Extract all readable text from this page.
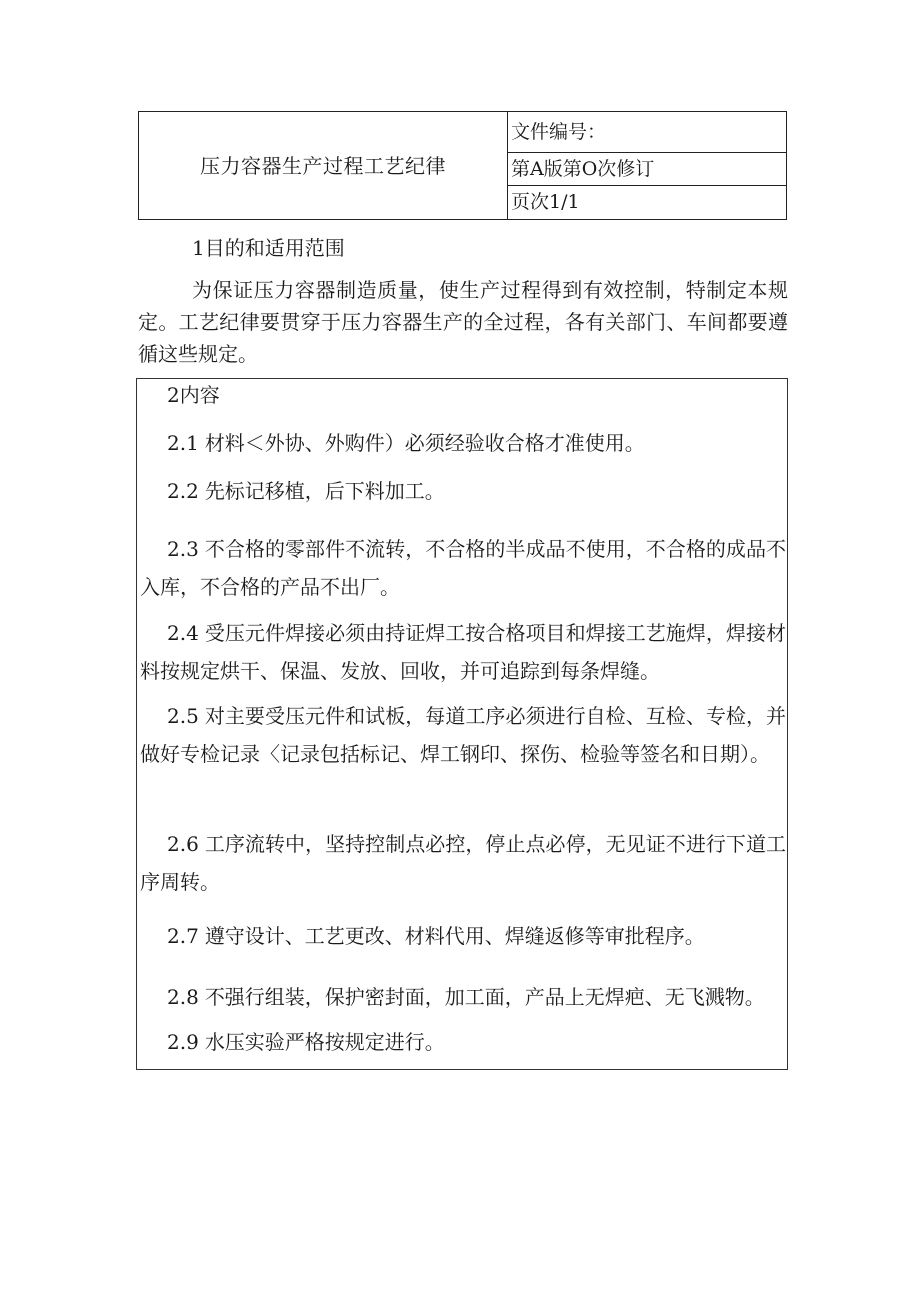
压力容器生产过程工艺纪律	文件编号：
第A版第O次修订
页次1/1
1目的和适用范围

为保证压力容器制造质量，使生产过程得到有效控制，特制定本规定。工艺纪律要贯穿于压力容器生产的全过程，各有关部门、车间都要遵循这些规定。

2内容

2.1 材料＜外协、外购件）必须经验收合格才准使用。

2.2 先标记移植，后下料加工。

2.3 不合格的零部件不流转，不合格的半成品不使用，不合格的成品不入库，不合格的产品不出厂。

2.4 受压元件焊接必须由持证焊工按合格项目和焊接工艺施焊，焊接材料按规定烘干、保温、发放、回收，并可追踪到每条焊缝。

2.5 对主要受压元件和试板，每道工序必须进行自检、互检、专检，并做好专检记录〈记录包括标记、焊工钢印、探伤、检验等签名和日期）。

2.6 工序流转中，坚持控制点必控，停止点必停，无见证不进行下道工序周转。

2.7 遵守设计、工艺更改、材料代用、焊缝返修等审批程序。

2.8 不强行组装，保护密封面，加工面，产品上无焊疤、无飞溅物。

2.9 水压实验严格按规定进行。
